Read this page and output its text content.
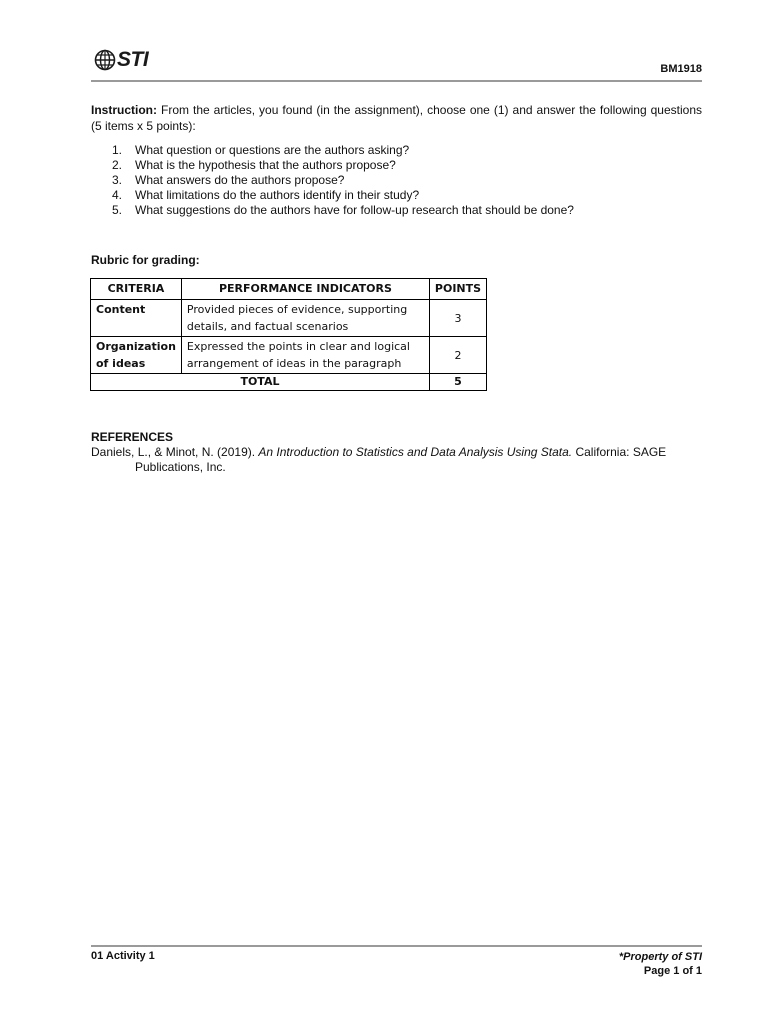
STI	BM1918
Instruction: From the articles, you found (in the assignment), choose one (1) and answer the following questions (5 items x 5 points):
1. What question or questions are the authors asking?
2. What is the hypothesis that the authors propose?
3. What answers do the authors propose?
4. What limitations do the authors identify in their study?
5. What suggestions do the authors have for follow-up research that should be done?
Rubric for grading:
CRITERIA	PERFORMANCE INDICATORS	POINTS
Content	Provided pieces of evidence, supporting details, and factual scenarios	3
Organization of ideas	Expressed the points in clear and logical arrangement of ideas in the paragraph	2
TOTAL		5
REFERENCES
Daniels, L., & Minot, N. (2019). An Introduction to Statistics and Data Analysis Using Stata. California: SAGE
Publications, Inc.
01 Activity 1	*Property of STI
Page 1 of 1
